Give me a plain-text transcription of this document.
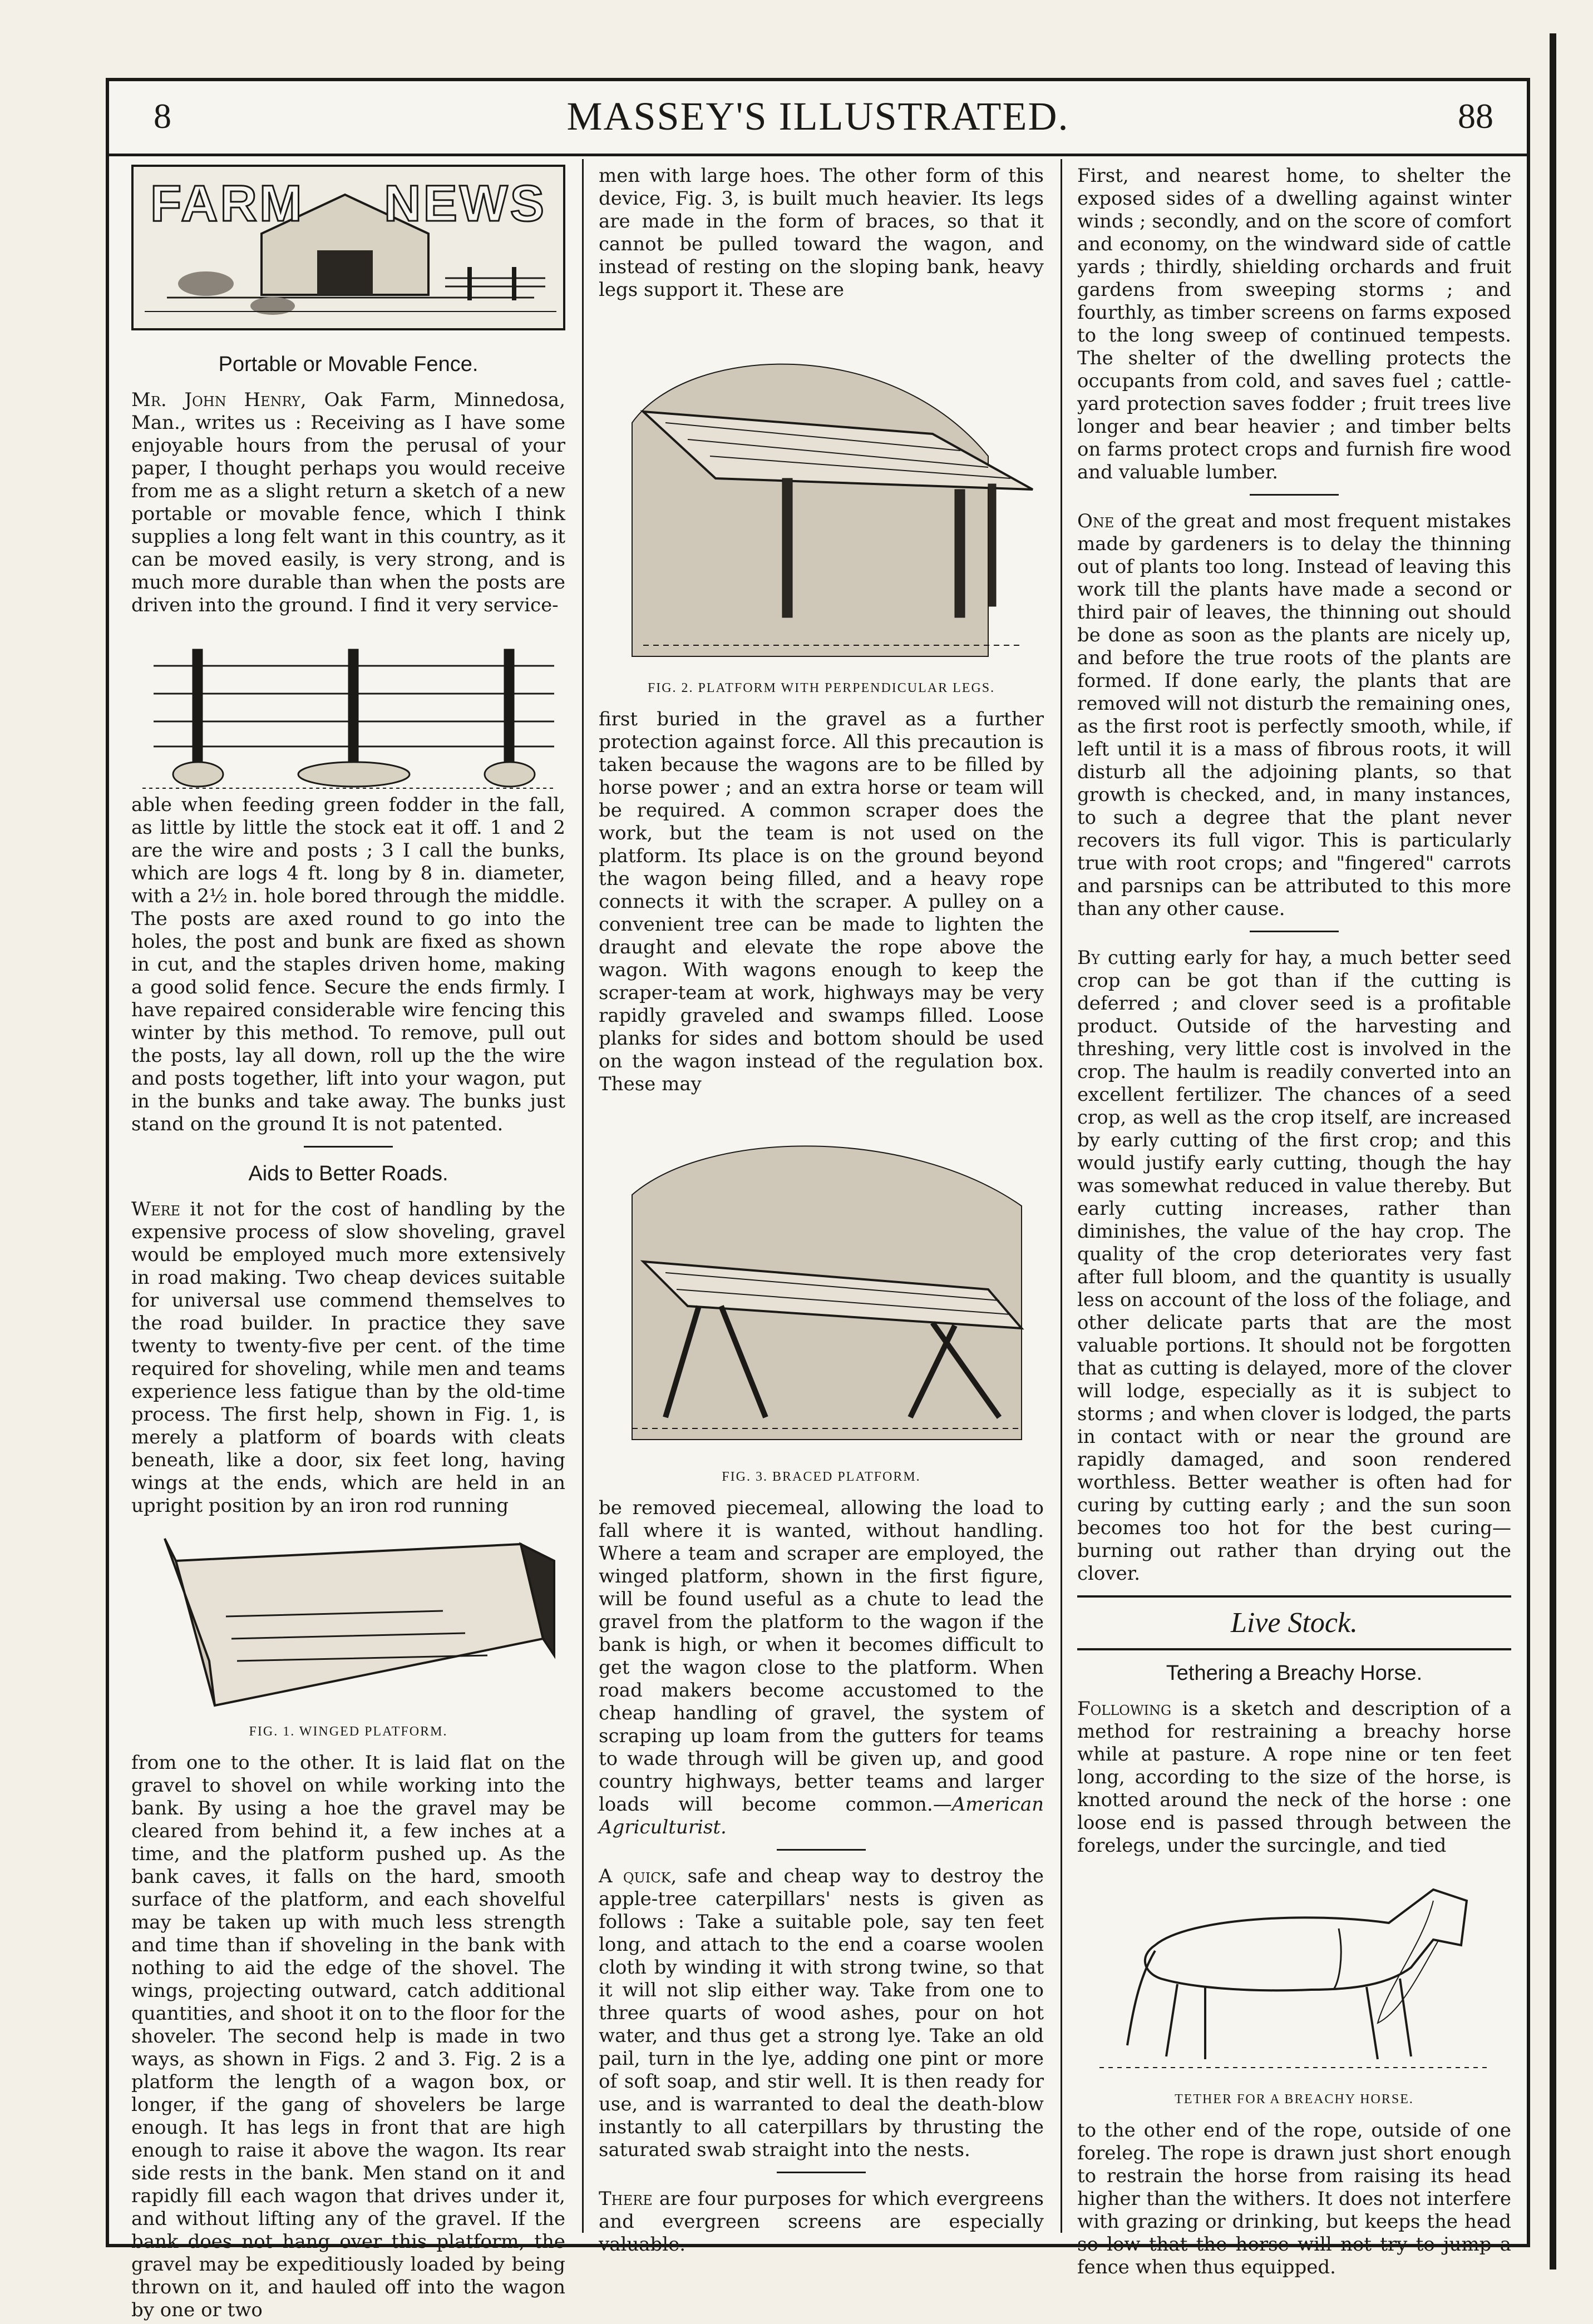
8	MASSEY'S ILLUSTRATED.	88
FARM NEWS
Portable or Movable Fence.

Mr. John Henry, Oak Farm, Minnedosa, Man., writes us : Receiving as I have some enjoyable hours from the perusal of your paper, I thought perhaps you would receive from me as a slight return a sketch of a new portable or movable fence, which I think supplies a long felt want in this country, as it can be moved easily, is very strong, and is much more durable than when the posts are driven into the ground. I find it very service-

able when feeding green fodder in the fall, as little by little the stock eat it off. 1 and 2 are the wire and posts ; 3 I call the bunks, which are logs 4 ft. long by 8 in. diameter, with a 2½ in. hole bored through the middle. The posts are axed round to go into the holes, the post and bunk are fixed as shown in cut, and the staples driven home, making a good solid fence. Secure the ends firmly. I have repaired considerable wire fencing this winter by this method. To remove, pull out the posts, lay all down, roll up the the wire and posts together, lift into your wagon, put in the bunks and take away. The bunks just stand on the ground It is not patented.

Aids to Better Roads.

Were it not for the cost of handling by the expensive process of slow shoveling, gravel would be employed much more extensively in road making. Two cheap devices suitable for universal use commend themselves to the road builder. In practice they save twenty to twenty-five per cent. of the time required for shoveling, while men and teams experience less fatigue than by the old-time process. The first help, shown in Fig. 1, is merely a platform of boards with cleats beneath, like a door, six feet long, having wings at the ends, which are held in an upright position by an iron rod running

FIG. 1. WINGED PLATFORM.

from one to the other. It is laid flat on the gravel to shovel on while working into the bank. By using a hoe the gravel may be cleared from behind it, a few inches at a time, and the platform pushed up. As the bank caves, it falls on the hard, smooth surface of the platform, and each shovelful may be taken up with much less strength and time than if shoveling in the bank with nothing to aid the edge of the shovel. The wings, projecting outward, catch additional quantities, and shoot it on to the floor for the shoveler. The second help is made in two ways, as shown in Figs. 2 and 3. Fig. 2 is a platform the length of a wagon box, or longer, if the gang of shovelers be large enough. It has legs in front that are high enough to raise it above the wagon. Its rear side rests in the bank. Men stand on it and rapidly fill each wagon that drives under it, and without lifting any of the gravel. If the bank does not hang over this platform, the gravel may be expeditiously loaded by being thrown on it, and hauled off into the wagon by one or two

men with large hoes. The other form of this device, Fig. 3, is built much heavier. Its legs are made in the form of braces, so that it cannot be pulled toward the wagon, and instead of resting on the sloping bank, heavy legs support it. These are

FIG. 2. PLATFORM WITH PERPENDICULAR LEGS.

first buried in the gravel as a further protection against force. All this precaution is taken because the wagons are to be filled by horse power ; and an extra horse or team will be required. A common scraper does the work, but the team is not used on the platform. Its place is on the ground beyond the wagon being filled, and a heavy rope connects it with the scraper. A pulley on a convenient tree can be made to lighten the draught and elevate the rope above the wagon. With wagons enough to keep the scraper-team at work, highways may be very rapidly graveled and swamps filled. Loose planks for sides and bottom should be used on the wagon instead of the regulation box. These may

FIG. 3. BRACED PLATFORM.

be removed piecemeal, allowing the load to fall where it is wanted, without handling. Where a team and scraper are employed, the winged platform, shown in the first figure, will be found useful as a chute to lead the gravel from the platform to the wagon if the bank is high, or when it becomes difficult to get the wagon close to the platform. When road makers become accustomed to the cheap handling of gravel, the system of scraping up loam from the gutters for teams to wade through will be given up, and good country highways, better teams and larger loads will become common.—American Agriculturist.

A quick, safe and cheap way to destroy the apple-tree caterpillars' nests is given as follows : Take a suitable pole, say ten feet long, and attach to the end a coarse woolen cloth by winding it with strong twine, so that it will not slip either way. Take from one to three quarts of wood ashes, pour on hot water, and thus get a strong lye. Take an old pail, turn in the lye, adding one pint or more of soft soap, and stir well. It is then ready for use, and is warranted to deal the death-blow instantly to all caterpillars by thrusting the saturated swab straight into the nests.

There are four purposes for which evergreens and evergreen screens are especially valuable.

First, and nearest home, to shelter the exposed sides of a dwelling against winter winds ; secondly, and on the score of comfort and economy, on the windward side of cattle yards ; thirdly, shielding orchards and fruit gardens from sweeping storms ; and fourthly, as timber screens on farms exposed to the long sweep of continued tempests. The shelter of the dwelling protects the occupants from cold, and saves fuel ; cattle-yard protection saves fodder ; fruit trees live longer and bear heavier ; and timber belts on farms protect crops and furnish fire wood and valuable lumber.

One of the great and most frequent mistakes made by gardeners is to delay the thinning out of plants too long. Instead of leaving this work till the plants have made a second or third pair of leaves, the thinning out should be done as soon as the plants are nicely up, and before the true roots of the plants are formed. If done early, the plants that are removed will not disturb the remaining ones, as the first root is perfectly smooth, while, if left until it is a mass of fibrous roots, it will disturb all the adjoining plants, so that growth is checked, and, in many instances, to such a degree that the plant never recovers its full vigor. This is particularly true with root crops; and "fingered" carrots and parsnips can be attributed to this more than any other cause.

By cutting early for hay, a much better seed crop can be got than if the cutting is deferred ; and clover seed is a profitable product. Outside of the harvesting and threshing, very little cost is involved in the crop. The haulm is readily converted into an excellent fertilizer. The chances of a seed crop, as well as the crop itself, are increased by early cutting of the first crop; and this would justify early cutting, though the hay was somewhat reduced in value thereby. But early cutting increases, rather than diminishes, the value of the hay crop. The quality of the crop deteriorates very fast after full bloom, and the quantity is usually less on account of the loss of the foliage, and other delicate parts that are the most valuable portions. It should not be forgotten that as cutting is delayed, more of the clover will lodge, especially as it is subject to storms ; and when clover is lodged, the parts in contact with or near the ground are rapidly damaged, and soon rendered worthless. Better weather is often had for curing by cutting early ; and the sun soon becomes too hot for the best curing—burning out rather than drying out the clover.

Live Stock.
Tethering a Breachy Horse.

Following is a sketch and description of a method for restraining a breachy horse while at pasture. A rope nine or ten feet long, according to the size of the horse, is knotted around the neck of the horse : one loose end is passed through between the forelegs, under the surcingle, and tied

TETHER FOR A BREACHY HORSE.

to the other end of the rope, outside of one foreleg. The rope is drawn just short enough to restrain the horse from raising its head higher than the withers. It does not interfere with grazing or drinking, but keeps the head so low that the horse will not try to jump a fence when thus equipped.
